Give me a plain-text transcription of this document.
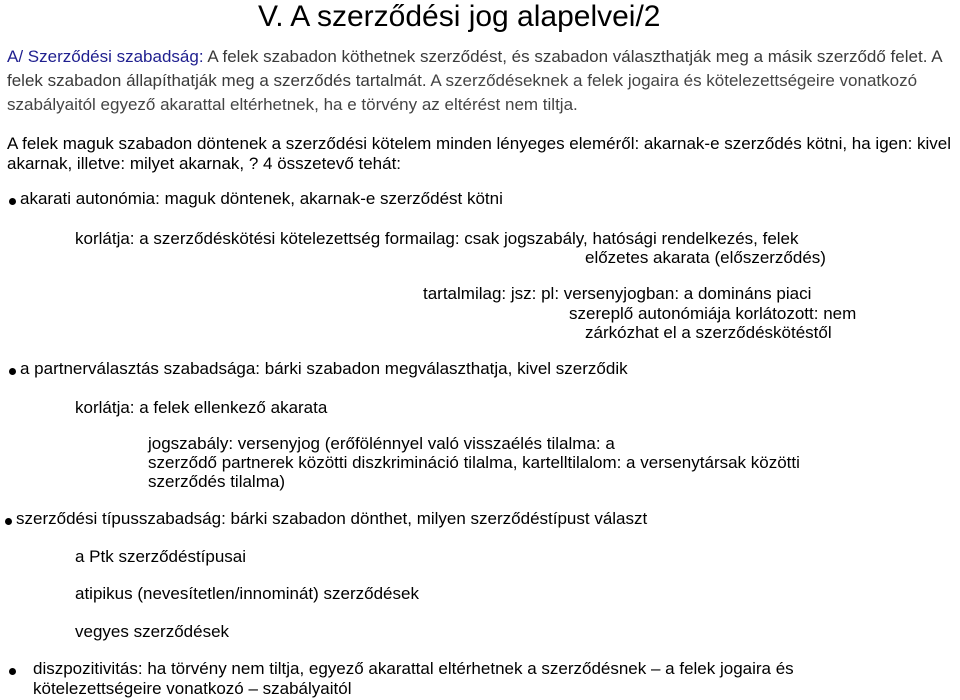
V. A szerződési jog alapelvei/2
A/ Szerződési szabadság: A felek szabadon köthetnek szerződést, és szabadon választhatják meg a másik szerződő felet. A felek szabadon állapíthatják meg a szerződés tartalmát. A szerződéseknek a felek jogaira és kötelezettségeire vonatkozó szabályaitól egyező akarattal eltérhetnek, ha e törvény az eltérést nem tiltja.
A felek maguk szabadon döntenek a szerződési kötelem minden lényeges eleméről: akarnak-e szerződés kötni, ha igen: kivel akarnak, illetve: milyet akarnak, ? 4 összetevő tehát:
akarati autonómia: maguk döntenek, akarnak-e szerződést kötni
korlátja: a szerződéskötési kötelezettség formailag: csak jogszabály, hatósági rendelkezés, felek
előzetes akarata (előszerződés)
tartalmilag: jsz: pl: versenyjogban: a domináns piaci
szereplő autonómiája korlátozott: nem
zárkózhat el a szerződéskötéstől
a partnerválasztás szabadsága: bárki szabadon megválaszthatja, kivel szerződik
korlátja: a felek ellenkező akarata
jogszabály: versenyjog (erőfölénnyel való visszaélés tilalma: a
szerződő partnerek közötti diszkrimináció tilalma, kartelltilalom: a versenytársak közötti
szerződés tilalma)
szerződési típusszabadság: bárki szabadon dönthet, milyen szerződéstípust választ
a Ptk szerződéstípusai
atipikus (nevesítetlen/innominát) szerződések
vegyes szerződések
diszpozitivitás: ha törvény nem tiltja, egyező akarattal eltérhetnek a szerződésnek – a felek jogaira és
kötelezettségeire vonatkozó – szabályaitól
